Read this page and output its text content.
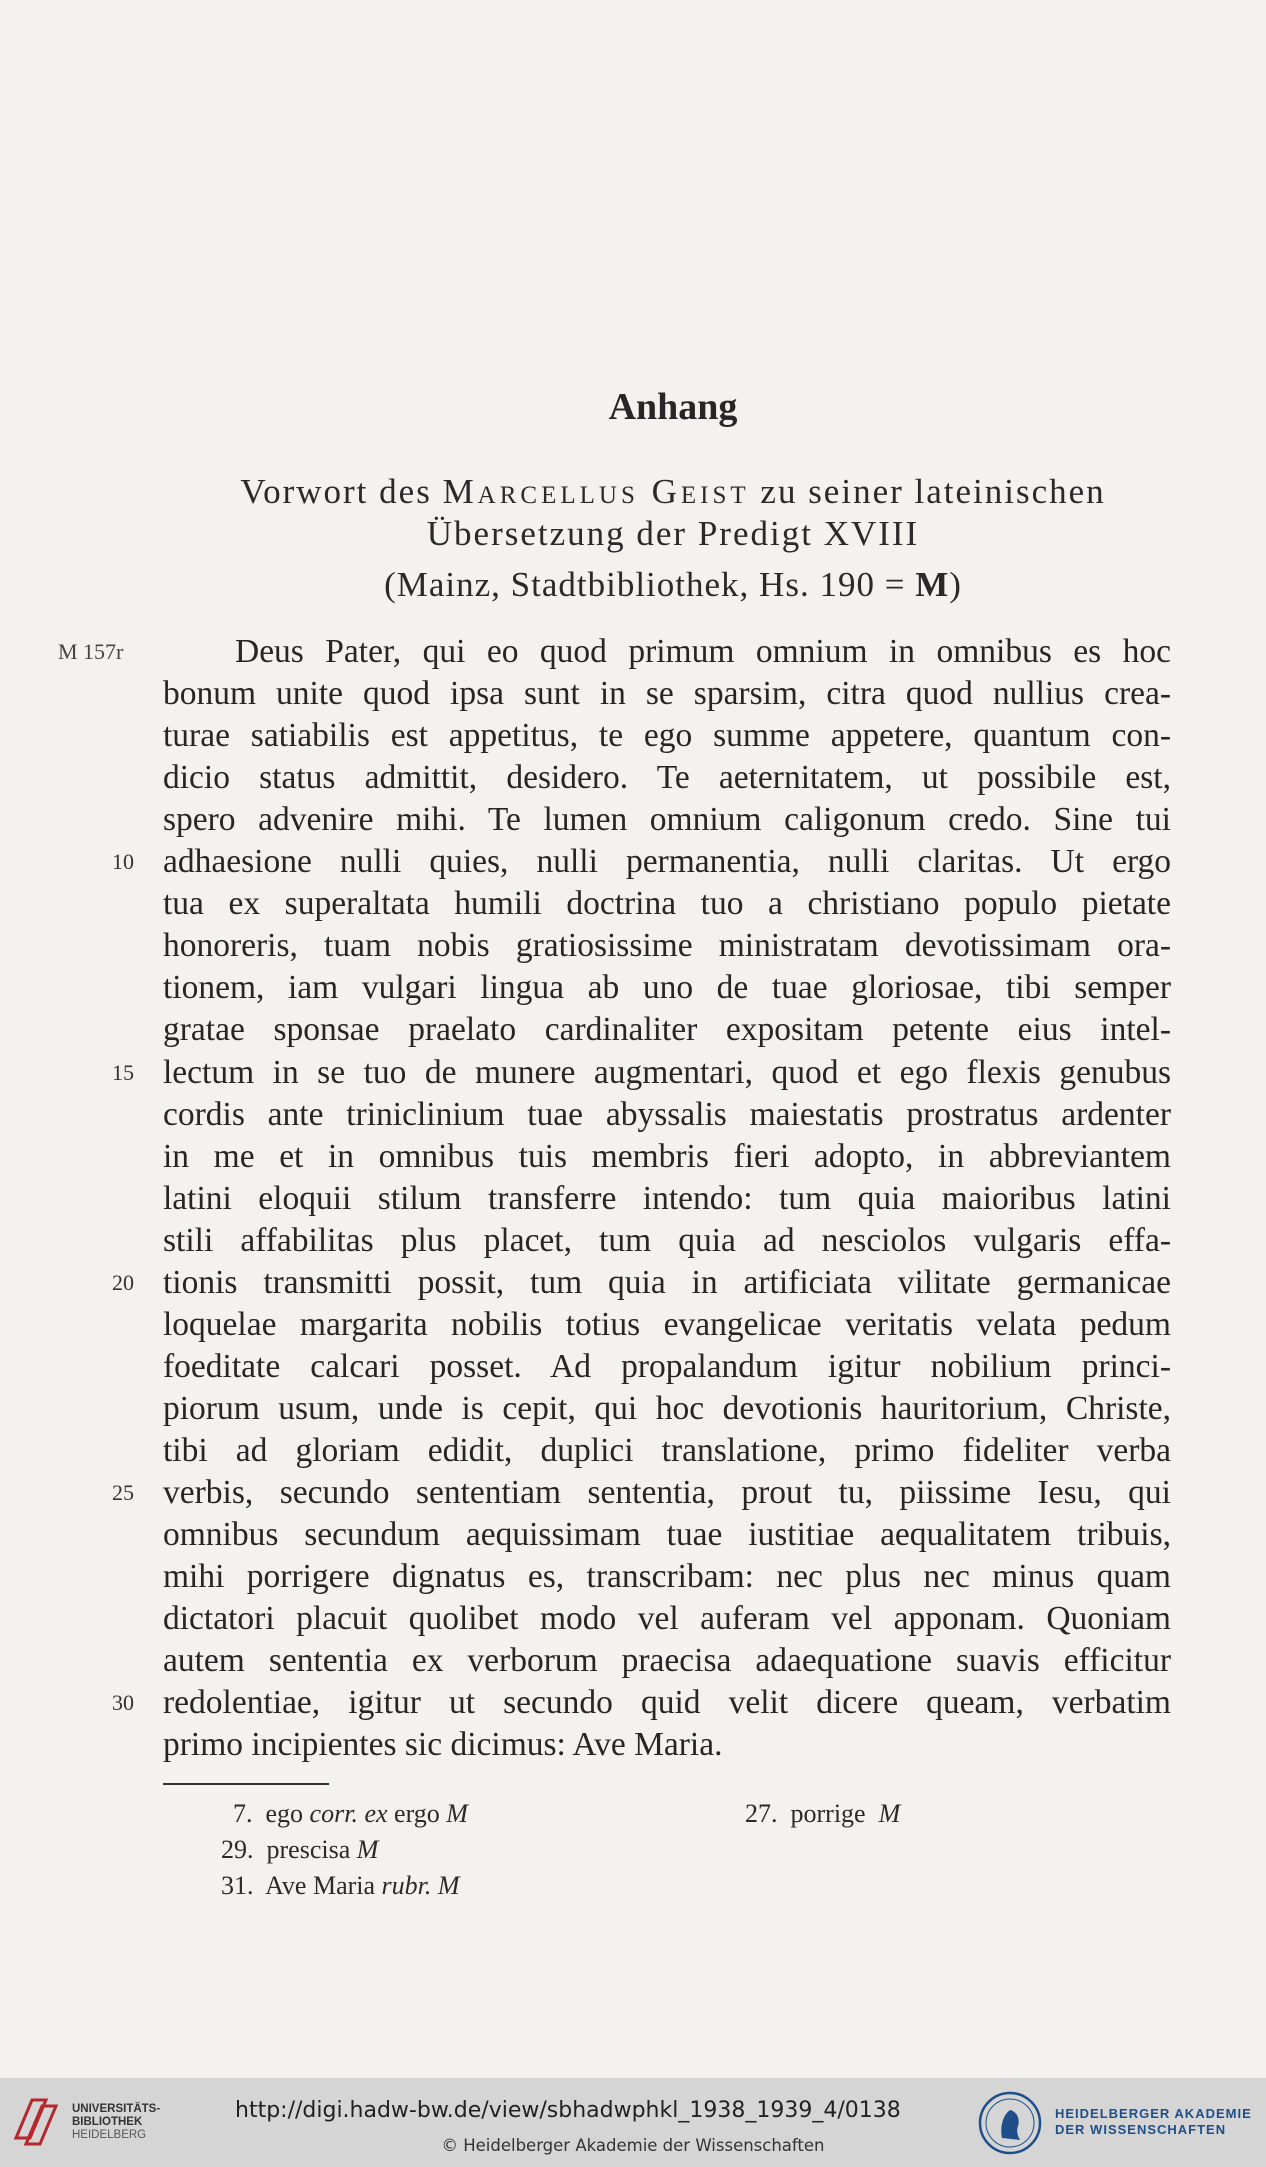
Anhang
Vorwort des Marcellus Geist zu seiner lateinischen
Übersetzung der Predigt XVIII
(Mainz, Stadtbibliothek, Hs. 190 = M)
M 157r	Deus Pater, qui eo quod primum omnium in omnibus es hoc
bonum unite quod ipsa sunt in se sparsim, citra quod nullius crea-
turae satiabilis est appetitus, te ego summe appetere, quantum con-
dicio status admittit, desidero. Te aeternitatem, ut possibile est,
spero advenire mihi. Te lumen omnium caligonum credo. Sine tui
adhaesione nulli quies, nulli permanentia, nulli claritas. Ut ergo
tua ex superaltata humili doctrina tuo a christiano populo pietate
honoreris, tuam nobis gratiosissime ministratam devotissimam ora-
tionem, iam vulgari lingua ab uno de tuae gloriosae, tibi semper
gratae sponsae praelato cardinaliter expositam petente eius intel-
lectum in se tuo de munere augmentari, quod et ego flexis genubus
cordis ante triniclinium tuae abyssalis maiestatis prostratus ardenter
in me et in omnibus tuis membris fieri adopto, in abbreviantem
latini eloquii stilum transferre intendo: tum quia maioribus latini
stili affabilitas plus placet, tum quia ad nesciolos vulgaris effa-
tionis transmitti possit, tum quia in artificiata vilitate germanicae
loquelae margarita nobilis totius evangelicae veritatis velata pedum
foeditate calcari posset. Ad propalandum igitur nobilium princi-
piorum usum, unde is cepit, qui hoc devotionis hauritorium, Christe,
tibi ad gloriam edidit, duplici translatione, primo fideliter verba
verbis, secundo sententiam sententia, prout tu, piissime Iesu, qui
omnibus secundum aequissimam tuae iustitiae aequalitatem tribuis,
mihi porrigere dignatus es, transcribam: nec plus nec minus quam
dictatori placuit quolibet modo vel auferam vel apponam. Quoniam
autem sententia ex verborum praecisa adaequatione suavis efficitur
redolentiae, igitur ut secundo quid velit dicere queam, verbatim
primo incipientes sic dicimus: Ave Maria.
10
15
20
25
30
7. ego corr. ex ergo M	27. porrige M
29. prescisa M
31. Ave Maria rubr. M
UNIVERSITÄTS-
BIBLIOTHEK
HEIDELBERG
http://digi.hadw-bw.de/view/sbhadwphkl_1938_1939_4/0138
© Heidelberger Akademie der Wissenschaften
HEIDELBERGER AKADEMIE
DER WISSENSCHAFTEN
